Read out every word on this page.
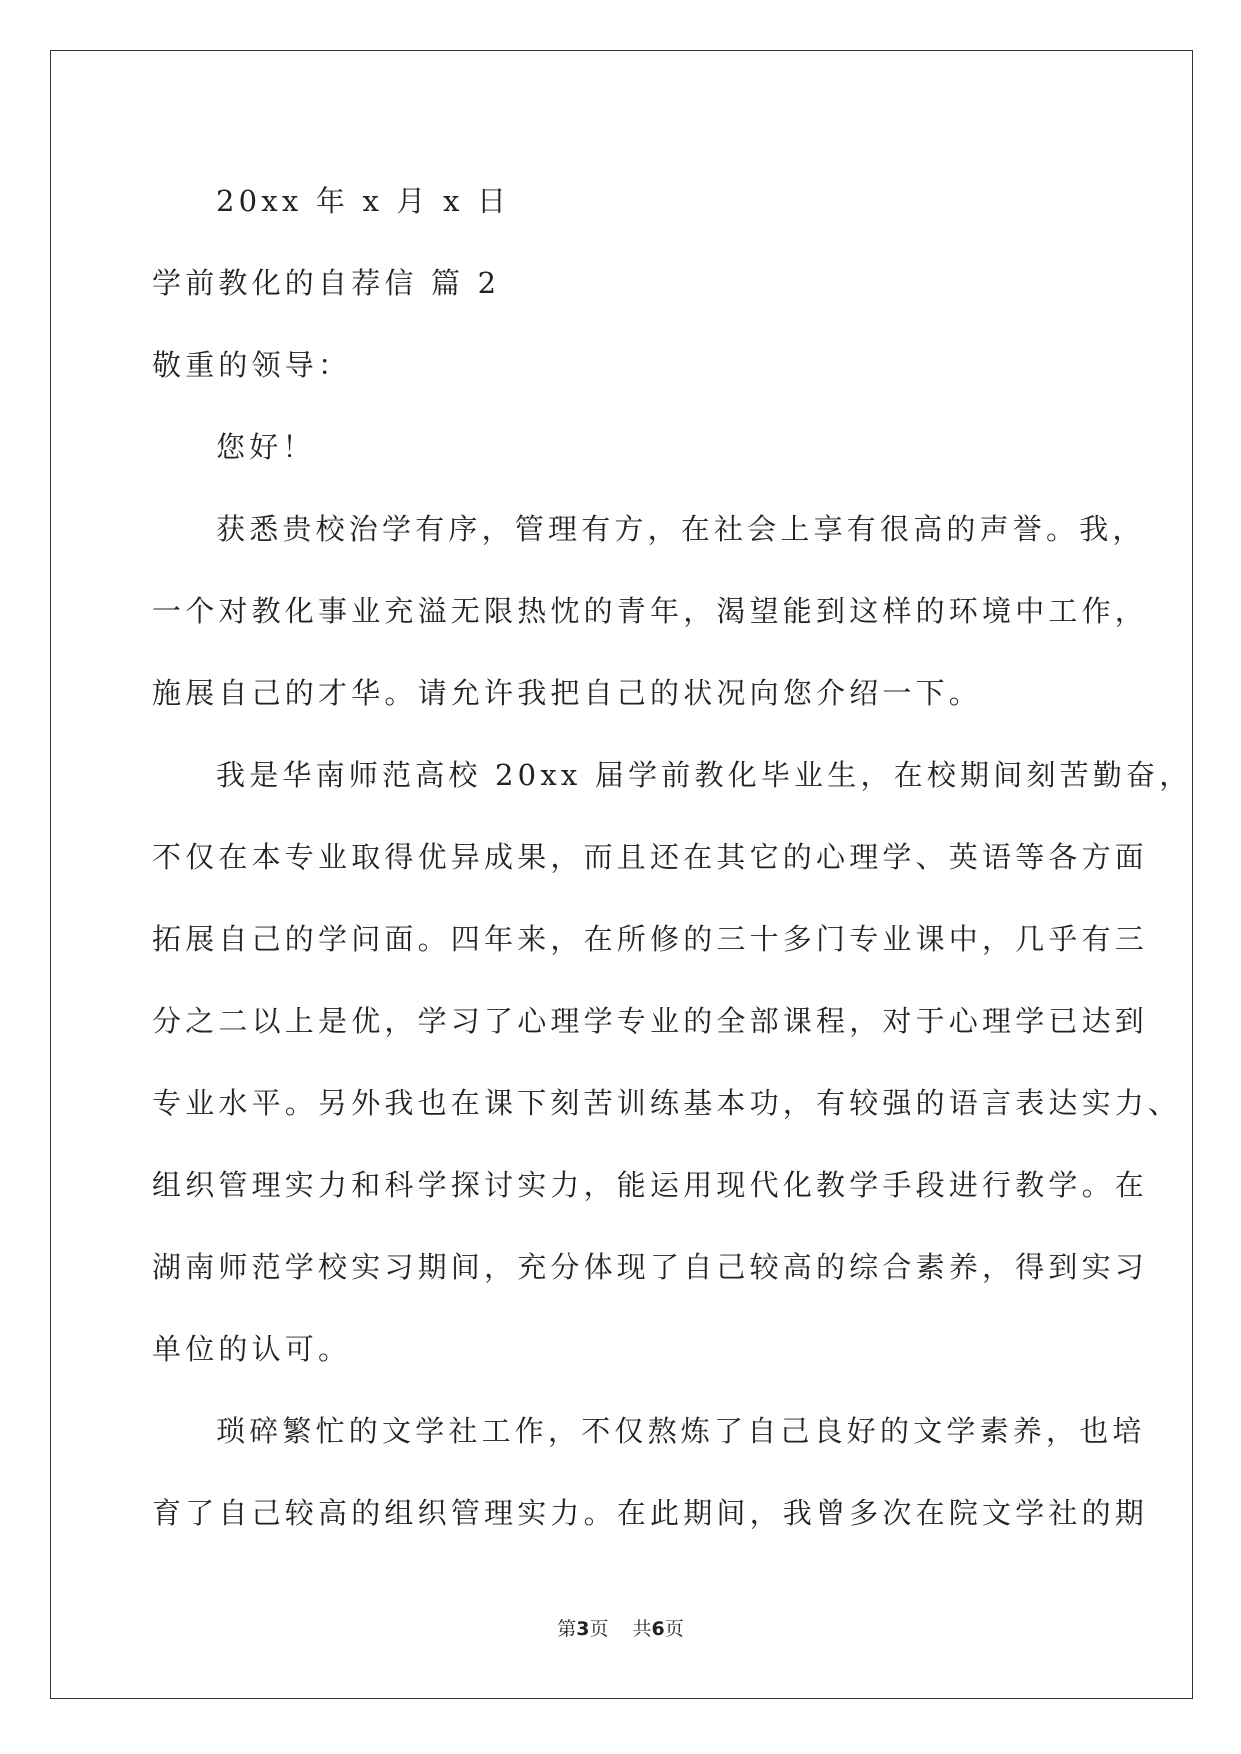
20xx 年 x 月 x 日
学前教化的自荐信 篇 2
敬重的领导：
您好！
获悉贵校治学有序，管理有方，在社会上享有很高的声誉。我，
一个对教化事业充溢无限热忱的青年，渴望能到这样的环境中工作，
施展自己的才华。请允许我把自己的状况向您介绍一下。
我是华南师范高校 20xx 届学前教化毕业生，在校期间刻苦勤奋，
不仅在本专业取得优异成果，而且还在其它的心理学、英语等各方面
拓展自己的学问面。四年来，在所修的三十多门专业课中，几乎有三
分之二以上是优，学习了心理学专业的全部课程，对于心理学已达到
专业水平。另外我也在课下刻苦训练基本功，有较强的语言表达实力、
组织管理实力和科学探讨实力，能运用现代化教学手段进行教学。在
湖南师范学校实习期间，充分体现了自己较高的综合素养，得到实习
单位的认可。
琐碎繁忙的文学社工作，不仅熬炼了自己良好的文学素养，也培
育了自己较高的组织管理实力。在此期间，我曾多次在院文学社的期
第3页 共6页
